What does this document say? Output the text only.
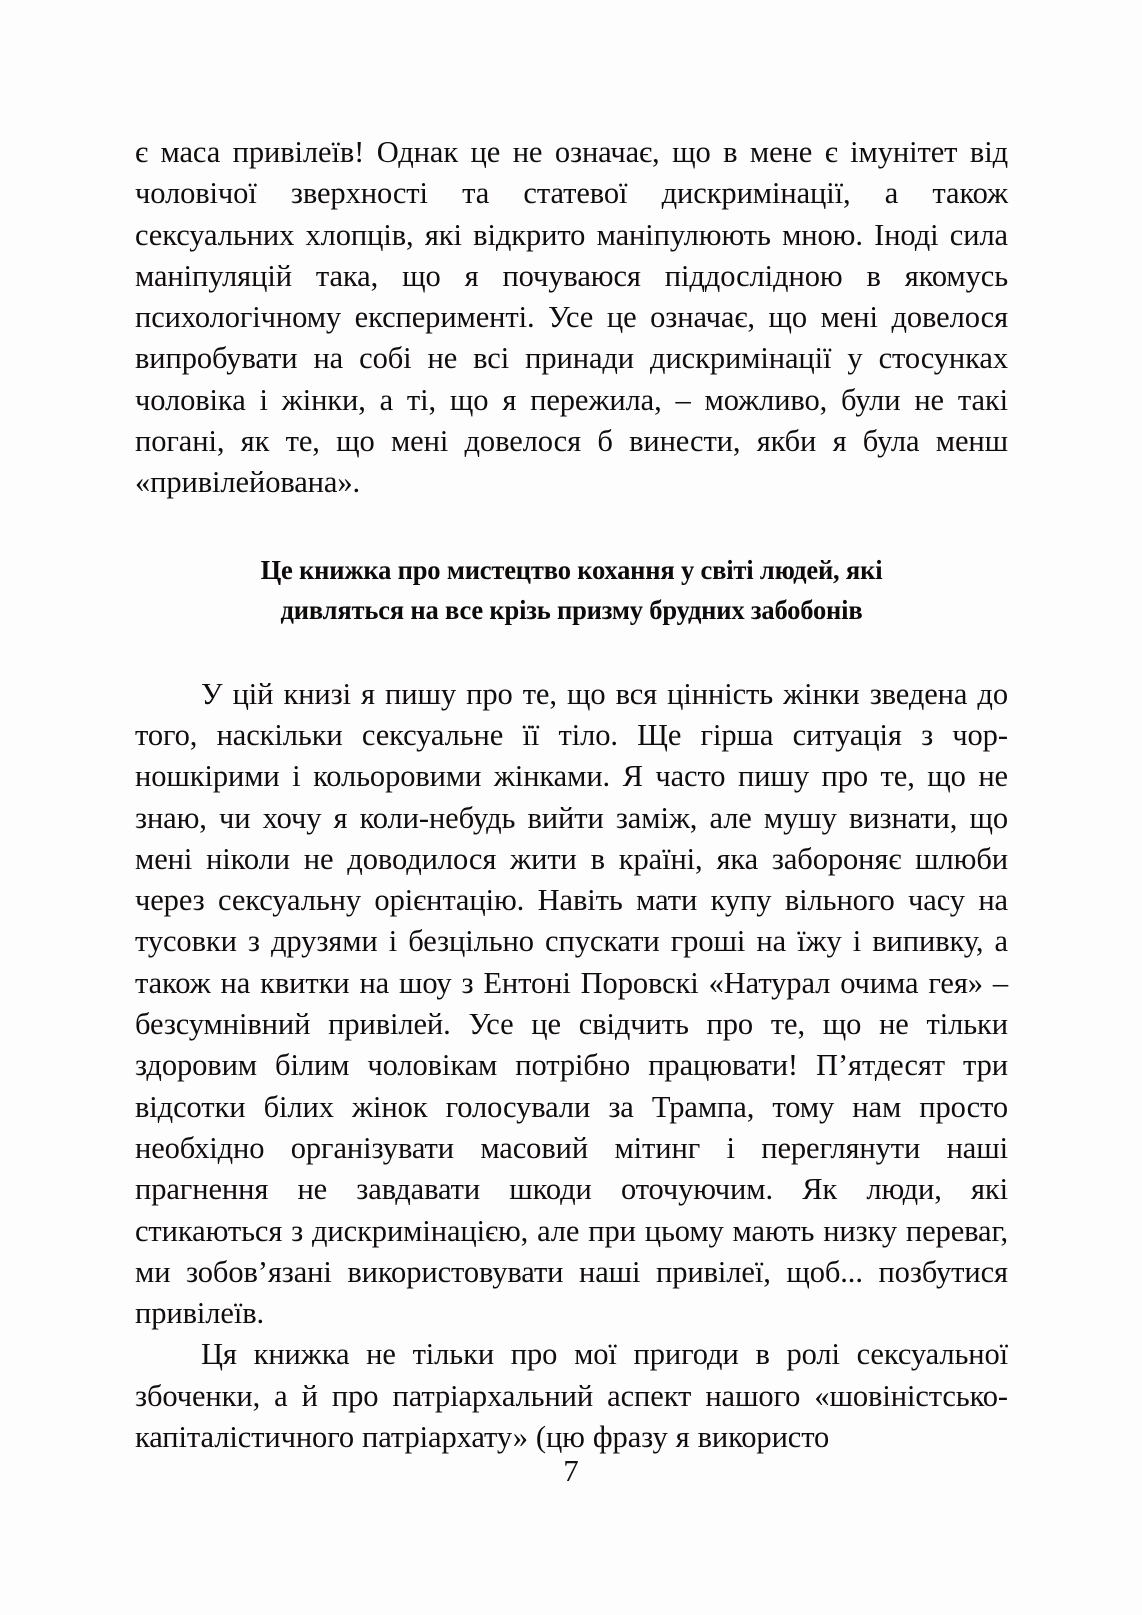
є маса привілеїв! Однак це не означає, що в мене є імунітет від чоловічої зверхності та статевої дискримінації, а також сексуальних хлопців, які відкрито маніпулюють мною. Іноді сила маніпуляцій така, що я почуваюся піддослідною в якомусь психологічному експерименті. Усе це означає, що мені довелося випробувати на собі не всі принади дискримінації у стосунках чоловіка і жінки, а ті, що я пережила, – можливо, були не такі погані, як те, що мені довелося б винести, якби я була менш «привілейована».

Це книжка про мистецтво кохання у світі людей, які
дивляться на все крізь призму брудних забобонів

У цій книзі я пишу про те, що вся цінність жінки зведена до того, наскільки сексуальне її тіло. Ще гірша ситуація з чорношкірими і кольоровими жінками. Я часто пишу про те, що не знаю, чи хочу я коли-небудь вийти заміж, але мушу визнати, що мені ніколи не доводилося жити в країні, яка забороняє шлюби через сексуальну орієнтацію. Навіть мати купу вільного часу на тусовки з друзями і безцільно спускати гроші на їжу і випивку, а також на квитки на шоу з Ентоні Поровскі «Натурал очима гея» – безсумнівний привілей. Усе це свідчить про те, що не тільки здоровим білим чоловікам потрібно працювати! П’ятдесят три відсотки білих жінок голосували за Трампа, тому нам просто необхідно організувати масовий мітинг і переглянути наші прагнення не завдавати шкоди оточуючим. Як люди, які стикаються з дискримінацією, але при цьому мають низку переваг, ми зобов’язані використовувати наші привілеї, щоб... позбутися привілеїв.

Ця книжка не тільки про мої пригоди в ролі сексуальної збоченки, а й про патріархальний аспект нашого «шовіністсько-капіталістичного патріархату» (цю фразу я використо

7
